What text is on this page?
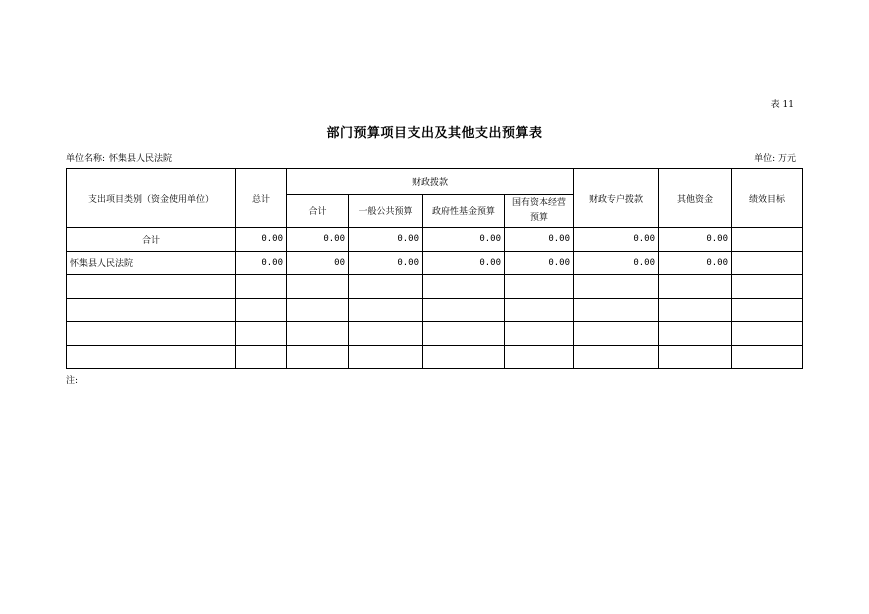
表 11
部门预算项目支出及其他支出预算表
单位名称: 怀集县人民法院	单位: 万元
支出项目类别（资金使用单位）	总计	财政拨款				财政专户拨款	其他资金	绩效目标
		合计	一般公共预算	政府性基金预算	国有资本经营预算			
合计	0.00	0.00	0.00	0.00	0.00	0.00	0.00	
怀集县人民法院	0.00	00	0.00	0.00	0.00	0.00	0.00	

注:
